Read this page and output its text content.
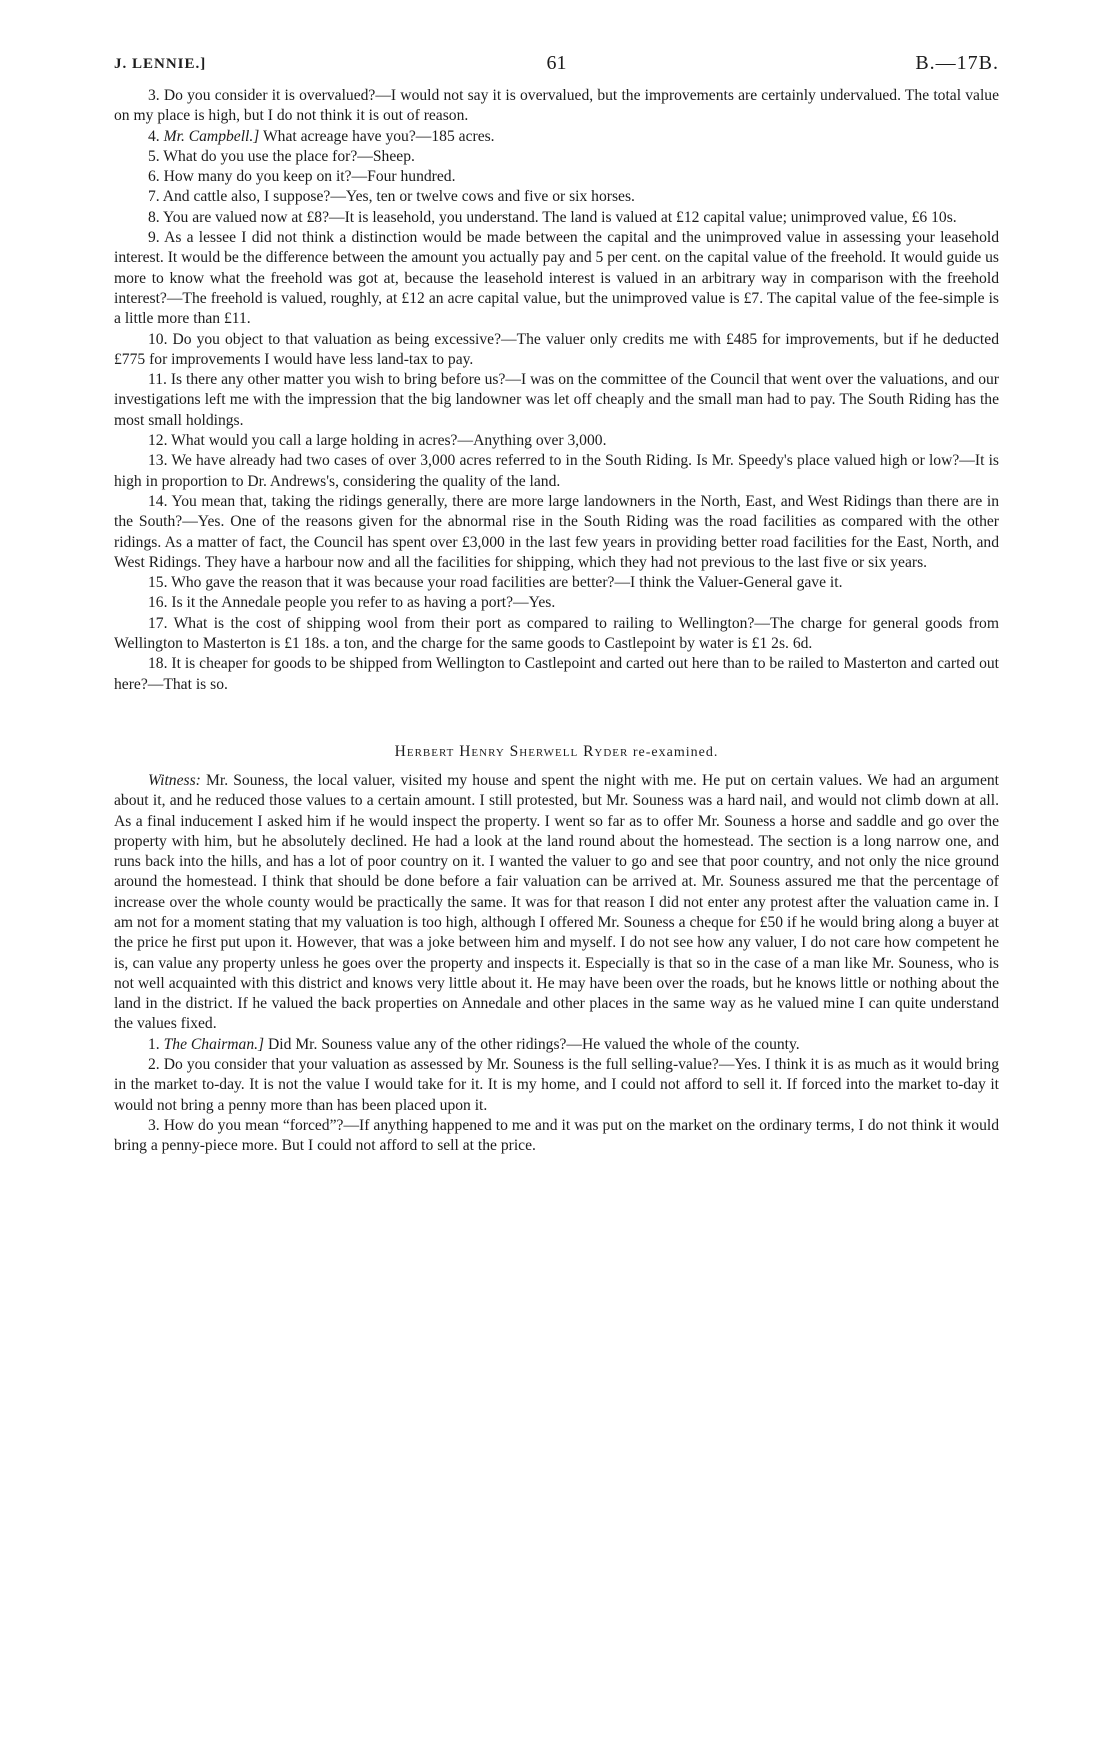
J. LENNIE.]	61	B.—17B.

3. Do you consider it is overvalued?—I would not say it is overvalued, but the improvements are certainly undervalued. The total value on my place is high, but I do not think it is out of reason.

4. Mr. Campbell.] What acreage have you?—185 acres.

5. What do you use the place for?—Sheep.

6. How many do you keep on it?—Four hundred.

7. And cattle also, I suppose?—Yes, ten or twelve cows and five or six horses.

8. You are valued now at £8?—It is leasehold, you understand. The land is valued at £12 capital value; unimproved value, £6 10s.

9. As a lessee I did not think a distinction would be made between the capital and the unimproved value in assessing your leasehold interest. It would be the difference between the amount you actually pay and 5 per cent. on the capital value of the freehold. It would guide us more to know what the freehold was got at, because the leasehold interest is valued in an arbitrary way in comparison with the freehold interest?—The freehold is valued, roughly, at £12 an acre capital value, but the unimproved value is £7. The capital value of the fee-simple is a little more than £11.

10. Do you object to that valuation as being excessive?—The valuer only credits me with £485 for improvements, but if he deducted £775 for improvements I would have less land-tax to pay.

11. Is there any other matter you wish to bring before us?—I was on the committee of the Council that went over the valuations, and our investigations left me with the impression that the big landowner was let off cheaply and the small man had to pay. The South Riding has the most small holdings.

12. What would you call a large holding in acres?—Anything over 3,000.

13. We have already had two cases of over 3,000 acres referred to in the South Riding. Is Mr. Speedy's place valued high or low?—It is high in proportion to Dr. Andrews's, considering the quality of the land.

14. You mean that, taking the ridings generally, there are more large landowners in the North, East, and West Ridings than there are in the South?—Yes. One of the reasons given for the abnormal rise in the South Riding was the road facilities as compared with the other ridings. As a matter of fact, the Council has spent over £3,000 in the last few years in providing better road facilities for the East, North, and West Ridings. They have a harbour now and all the facilities for shipping, which they had not previous to the last five or six years.

15. Who gave the reason that it was because your road facilities are better?—I think the Valuer-General gave it.

16. Is it the Annedale people you refer to as having a port?—Yes.

17. What is the cost of shipping wool from their port as compared to railing to Wellington?—The charge for general goods from Wellington to Masterton is £1 18s. a ton, and the charge for the same goods to Castlepoint by water is £1 2s. 6d.

18. It is cheaper for goods to be shipped from Wellington to Castlepoint and carted out here than to be railed to Masterton and carted out here?—That is so.

Herbert Henry Sherwell Ryder re-examined.

Witness: Mr. Souness, the local valuer, visited my house and spent the night with me. He put on certain values. We had an argument about it, and he reduced those values to a certain amount. I still protested, but Mr. Souness was a hard nail, and would not climb down at all. As a final inducement I asked him if he would inspect the property. I went so far as to offer Mr. Souness a horse and saddle and go over the property with him, but he absolutely declined. He had a look at the land round about the homestead. The section is a long narrow one, and runs back into the hills, and has a lot of poor country on it. I wanted the valuer to go and see that poor country, and not only the nice ground around the homestead. I think that should be done before a fair valuation can be arrived at. Mr. Souness assured me that the percentage of increase over the whole county would be practically the same. It was for that reason I did not enter any protest after the valuation came in. I am not for a moment stating that my valuation is too high, although I offered Mr. Souness a cheque for £50 if he would bring along a buyer at the price he first put upon it. However, that was a joke between him and myself. I do not see how any valuer, I do not care how competent he is, can value any property unless he goes over the property and inspects it. Especially is that so in the case of a man like Mr. Souness, who is not well acquainted with this district and knows very little about it. He may have been over the roads, but he knows little or nothing about the land in the district. If he valued the back properties on Annedale and other places in the same way as he valued mine I can quite understand the values fixed.

1. The Chairman.] Did Mr. Souness value any of the other ridings?—He valued the whole of the county.

2. Do you consider that your valuation as assessed by Mr. Souness is the full selling-value?—Yes. I think it is as much as it would bring in the market to-day. It is not the value I would take for it. It is my home, and I could not afford to sell it. If forced into the market to-day it would not bring a penny more than has been placed upon it.

3. How do you mean “forced”?—If anything happened to me and it was put on the market on the ordinary terms, I do not think it would bring a penny-piece more. But I could not afford to sell at the price.
